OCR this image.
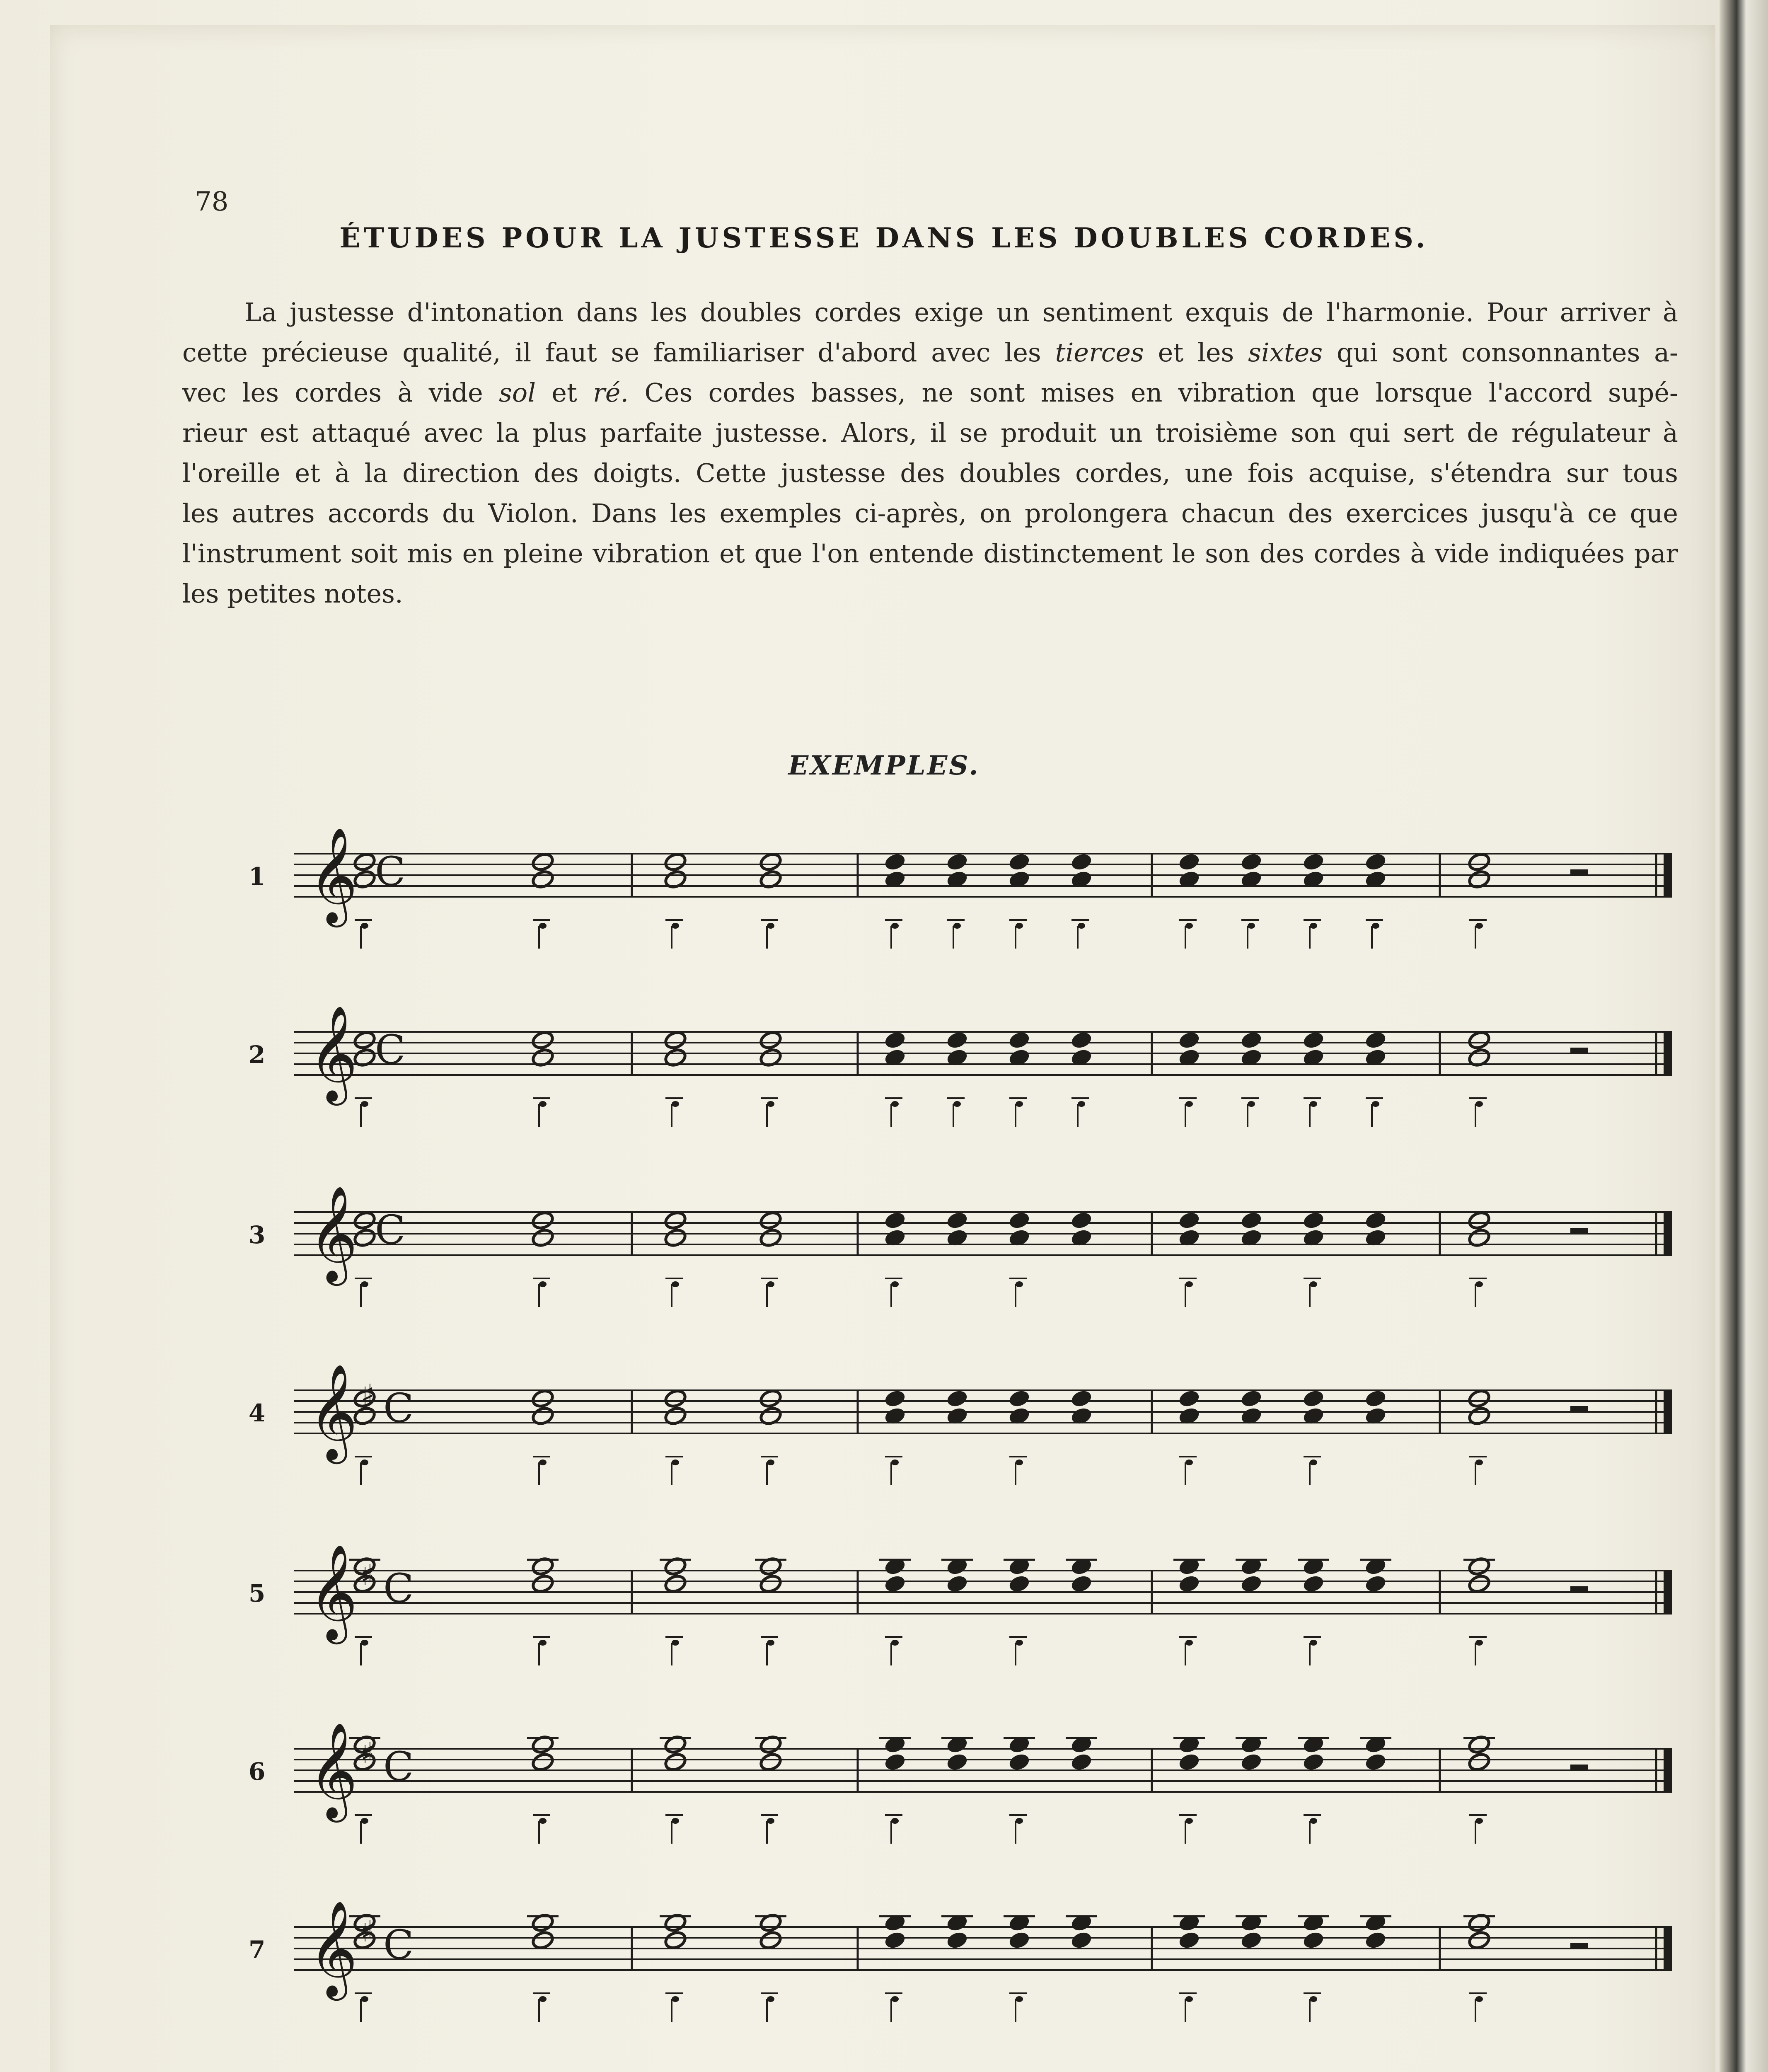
78
ÉTUDES POUR LA JUSTESSE DANS LES DOUBLES CORDES.
La justesse d'intonation dans les doubles cordes exige un sentiment exquis de l'harmonie. Pour arriver à
cette précieuse qualité, il faut se familiariser d'abord avec les tierces et les sixtes qui sont consonnantes a-
vec les cordes à vide sol et ré. Ces cordes basses, ne sont mises en vibration que lorsque l'accord supé-
rieur est attaqué avec la plus parfaite justesse. Alors, il se produit un troisième son qui sert de régulateur à
l'oreille et à la direction des doigts. Cette justesse des doubles cordes, une fois acquise, s'étendra sur tous
les autres accords du Violon. Dans les exemples ci-après, on prolongera chacun des exercices jusqu'à ce que
l'instrument soit mis en pleine vibration et que l'on entende distinctement le son des cordes à vide indiquées par
les petites notes.
EXEMPLES.
1 𝄞 C
2 𝄞 C
3 𝄞 C
4 𝄞 ♯ C
5 𝄞 ♯ C
6 𝄞 ♯ C
7 𝄞 ♯ C
